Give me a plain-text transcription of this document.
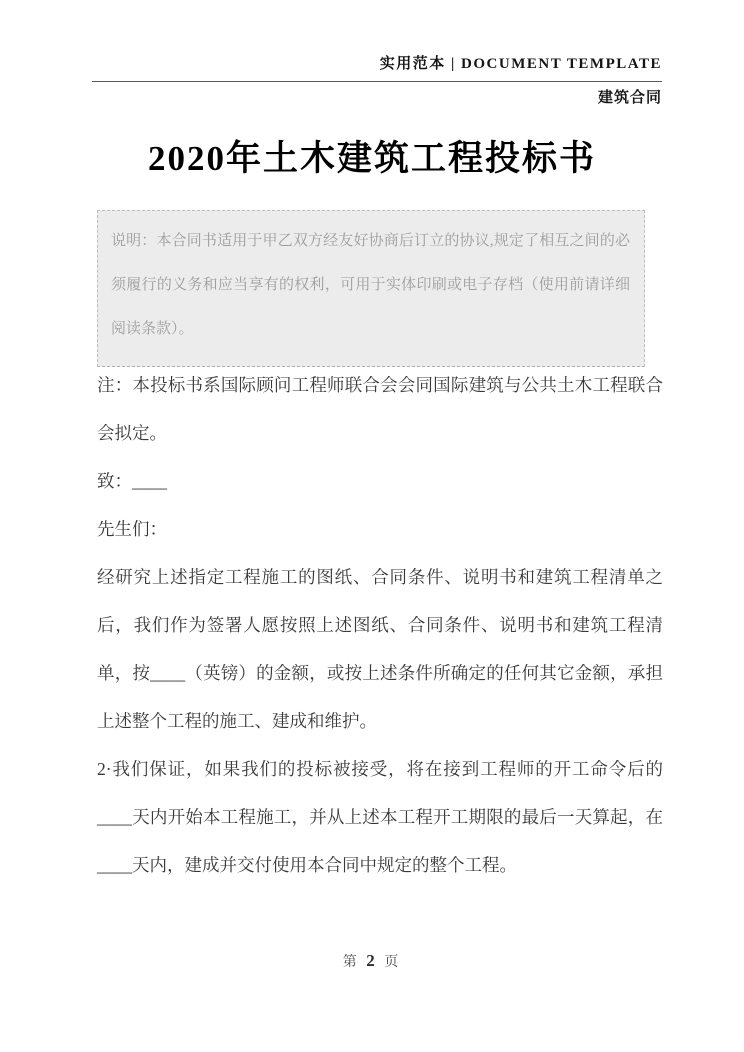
实用范本 | DOCUMENT TEMPLATE
建筑合同
2020年土木建筑工程投标书

说明：本合同书适用于甲乙双方经友好协商后订立的协议,规定了相互之间的必须履行的义务和应当享有的权利，可用于实体印刷或电子存档（使用前请详细阅读条款）。

注：本投标书系国际顾问工程师联合会会同国际建筑与公共土木工程联合会拟定。

致：____

先生们：

经研究上述指定工程施工的图纸、合同条件、说明书和建筑工程清单之后，我们作为签署人愿按照上述图纸、合同条件、说明书和建筑工程清单，按____（英镑）的金额，或按上述条件所确定的任何其它金额，承担上述整个工程的施工、建成和维护。

2·我们保证，如果我们的投标被接受，将在接到工程师的开工命令后的____天内开始本工程施工，并从上述本工程开工期限的最后一天算起，在____天内，建成并交付使用本合同中规定的整个工程。

第 2 页
